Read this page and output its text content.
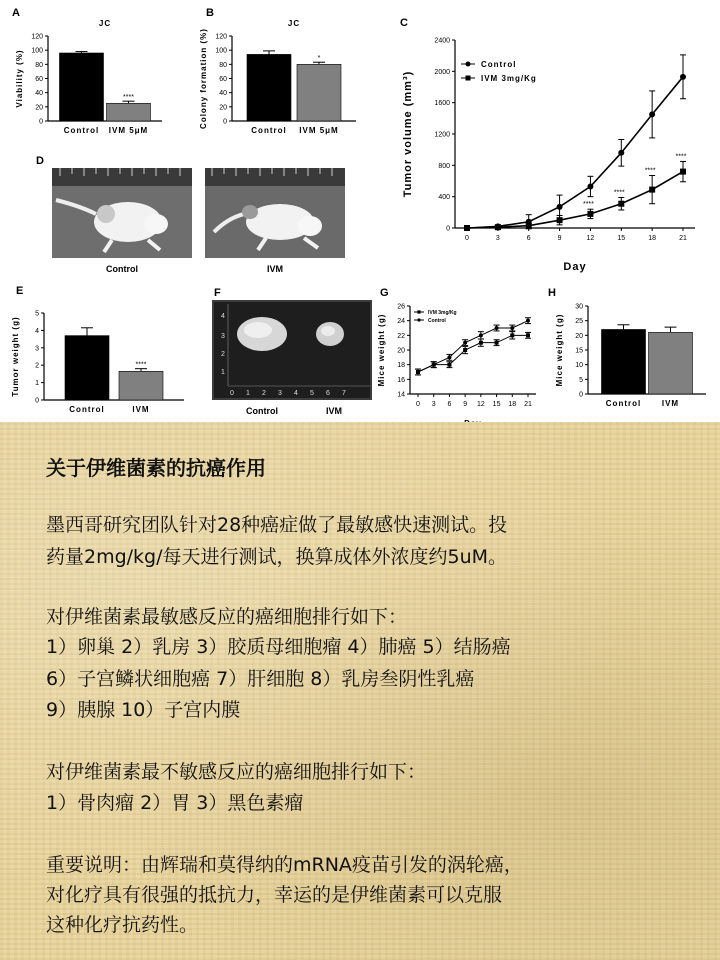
A	B
C
D
E	F	G	H
Control	IVM
4
3
2
1
0 1 2 3 4 5 6 7
Control	IVM
0
20
40
60
80
100
120
Viability (%)
JC
Control IVM 5μM
****
0
20
40
60
80
100
120
Colony formation (%)
JC
Control IVM 5μM
*
0
400
800
1200
1600
2000
2400
Tumor volume (mm³)
0	3	6	9	12	15	18	21
Day
Control
IVM 3mg/Kg
****
****
****
****
0
1
2
3
4
5
Tumor weight (g)
Control	IVM
****
14
16
18
20
22
24
26
Mice weight (g)
0 3 6 9 12 15 18 21
IVM 3mg/Kg
Control
0
5
10
15
20
25
30
Mice weight (g)
Control	IVM
关于伊维菌素的抗癌作用
墨西哥研究团队针对28种癌症做了最敏感快速测试。投
药量2mg/kg/每天进行测试，换算成体外浓度约5uM。
对伊维菌素最敏感反应的癌细胞排行如下：
1）卵巢 2）乳房 3）胶质母细胞瘤 4）肺癌 5）结肠癌
6）子宫鳞状细胞癌 7）肝细胞 8）乳房叁阴性乳癌
9）胰腺 10）子宫内膜
对伊维菌素最不敏感反应的癌细胞排行如下：
1）骨肉瘤 2）胃 3）黑色素瘤
重要说明：由辉瑞和莫得纳的mRNA疫苗引发的涡轮癌，
对化疗具有很强的抵抗力，幸运的是伊维菌素可以克服
这种化疗抗药性。
